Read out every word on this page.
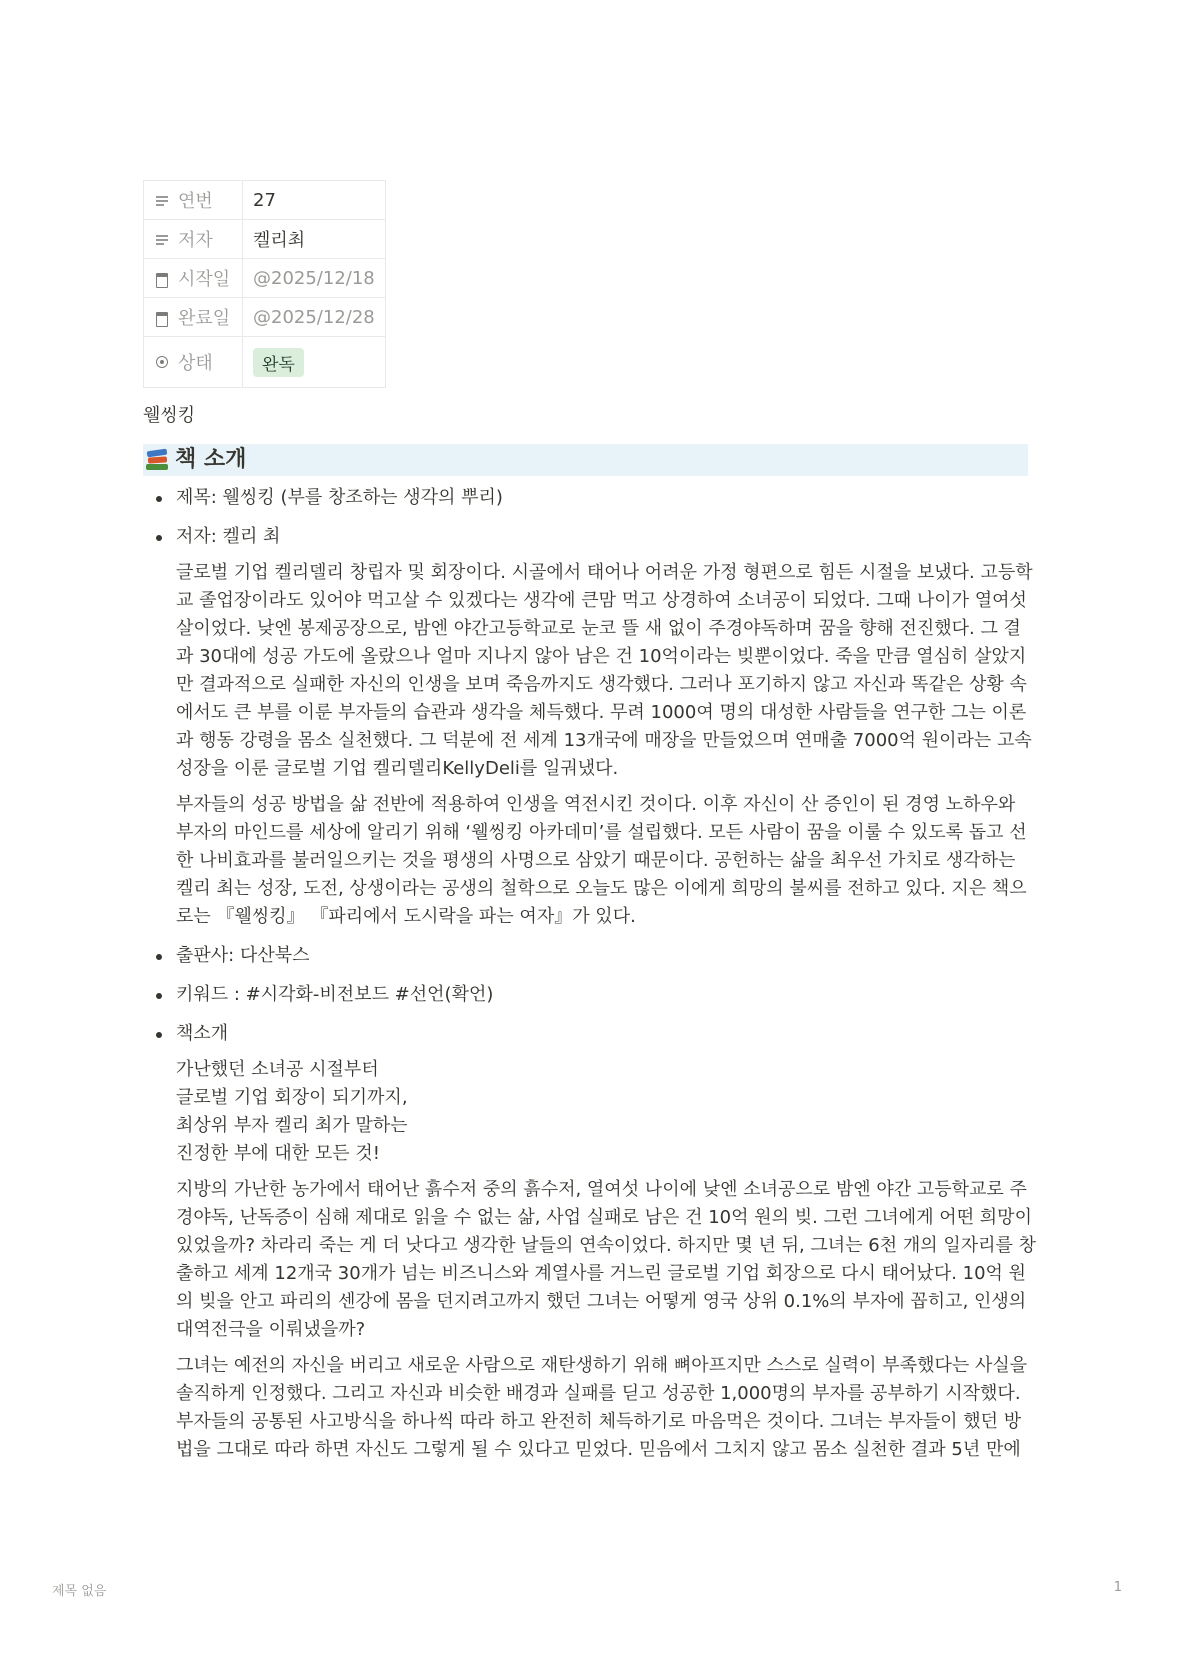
연번	27

저자	켈리최

시작일	@2025/12/18

완료일	@2025/12/28

상태	완독

웰씽킹

책 소개

제목: 웰씽킹 (부를 창조하는 생각의 뿌리)

저자: 켈리 최

글로벌 기업 켈리델리 창립자 및 회장이다. 시골에서 태어나 어려운 가정 형편으로 힘든 시절을 보냈다. 고등학교 졸업장이라도 있어야 먹고살 수 있겠다는 생각에 큰맘 먹고 상경하여 소녀공이 되었다. 그때 나이가 열여섯 살이었다. 낮엔 봉제공장으로, 밤엔 야간고등학교로 눈코 뜰 새 없이 주경야독하며 꿈을 향해 전진했다. 그 결과 30대에 성공 가도에 올랐으나 얼마 지나지 않아 남은 건 10억이라는 빚뿐이었다. 죽을 만큼 열심히 살았지만 결과적으로 실패한 자신의 인생을 보며 죽음까지도 생각했다. 그러나 포기하지 않고 자신과 똑같은 상황 속에서도 큰 부를 이룬 부자들의 습관과 생각을 체득했다. 무려 1000여 명의 대성한 사람들을 연구한 그는 이론과 행동 강령을 몸소 실천했다. 그 덕분에 전 세계 13개국에 매장을 만들었으며 연매출 7000억 원이라는 고속 성장을 이룬 글로벌 기업 켈리델리KellyDeli를 일궈냈다.

부자들의 성공 방법을 삶 전반에 적용하여 인생을 역전시킨 것이다. 이후 자신이 산 증인이 된 경영 노하우와 부자의 마인드를 세상에 알리기 위해 ‘웰씽킹 아카데미’를 설립했다. 모든 사람이 꿈을 이룰 수 있도록 돕고 선한 나비효과를 불러일으키는 것을 평생의 사명으로 삼았기 때문이다. 공헌하는 삶을 최우선 가치로 생각하는 켈리 최는 성장, 도전, 상생이라는 공생의 철학으로 오늘도 많은 이에게 희망의 불씨를 전하고 있다. 지은 책으로는 『웰씽킹』 『파리에서 도시락을 파는 여자』가 있다.

출판사: 다산북스

키워드 : #시각화-비전보드 #선언(확언)

책소개

가난했던 소녀공 시절부터
글로벌 기업 회장이 되기까지,
최상위 부자 켈리 최가 말하는
진정한 부에 대한 모든 것!

지방의 가난한 농가에서 태어난 흙수저 중의 흙수저, 열여섯 나이에 낮엔 소녀공으로 밤엔 야간 고등학교로 주경야독, 난독증이 심해 제대로 읽을 수 없는 삶, 사업 실패로 남은 건 10억 원의 빚. 그런 그녀에게 어떤 희망이 있었을까? 차라리 죽는 게 더 낫다고 생각한 날들의 연속이었다. 하지만 몇 년 뒤, 그녀는 6천 개의 일자리를 창출하고 세계 12개국 30개가 넘는 비즈니스와 계열사를 거느린 글로벌 기업 회장으로 다시 태어났다. 10억 원의 빚을 안고 파리의 센강에 몸을 던지려고까지 했던 그녀는 어떻게 영국 상위 0.1%의 부자에 꼽히고, 인생의 대역전극을 이뤄냈을까?

그녀는 예전의 자신을 버리고 새로운 사람으로 재탄생하기 위해 뼈아프지만 스스로 실력이 부족했다는 사실을 솔직하게 인정했다. 그리고 자신과 비슷한 배경과 실패를 딛고 성공한 1,000명의 부자를 공부하기 시작했다. 부자들의 공통된 사고방식을 하나씩 따라 하고 완전히 체득하기로 마음먹은 것이다. 그녀는 부자들이 했던 방법을 그대로 따라 하면 자신도 그렇게 될 수 있다고 믿었다. 믿음에서 그치지 않고 몸소 실천한 결과 5년 만에

제목 없음	1
